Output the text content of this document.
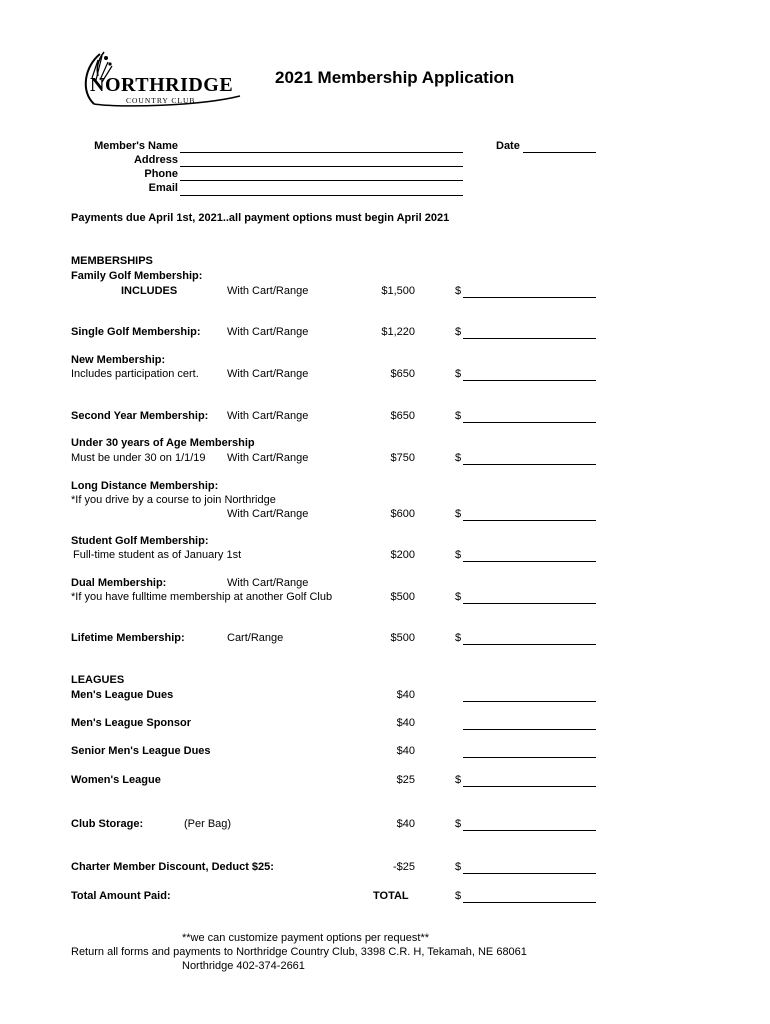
NORTHRIDGE
COUNTRY CLUB
2021 Membership Application
Member's Name
Address
Phone
Email
Date
Payments due April 1st, 2021..all payment options must begin April 2021
MEMBERSHIPS
Family Golf Membership:
INCLUDES	With Cart/Range	$1,500	$
Single Golf Membership: With Cart/Range	$1,220	$
New Membership:
Includes participation cert.	With Cart/Range	$650	$
Second Year Membership: With Cart/Range	$650	$
Under 30 years of Age Membership
Must be under 30 on 1/1/19 With Cart/Range	$750	$
Long Distance Membership:
*If you drive by a course to join Northridge
With Cart/Range	$600	$
Student Golf Membership:
Full-time student as of January 1st	$200	$
Dual Membership:	With Cart/Range
*If you have fulltime membership at another Golf Club	$500	$
Lifetime Membership:	Cart/Range	$500	$
LEAGUES
Men's League Dues	$40
Men's League Sponsor	$40
Senior Men's League Dues	$40
Women's League	$25	$
Club Storage:	(Per Bag)	$40	$
Charter Member Discount, Deduct $25:	-$25	$
Total Amount Paid:	TOTAL	$
**we can customize payment options per request**
Return all forms and payments to Northridge Country Club, 3398 C.R. H, Tekamah, NE 68061
Northridge 402-374-2661
